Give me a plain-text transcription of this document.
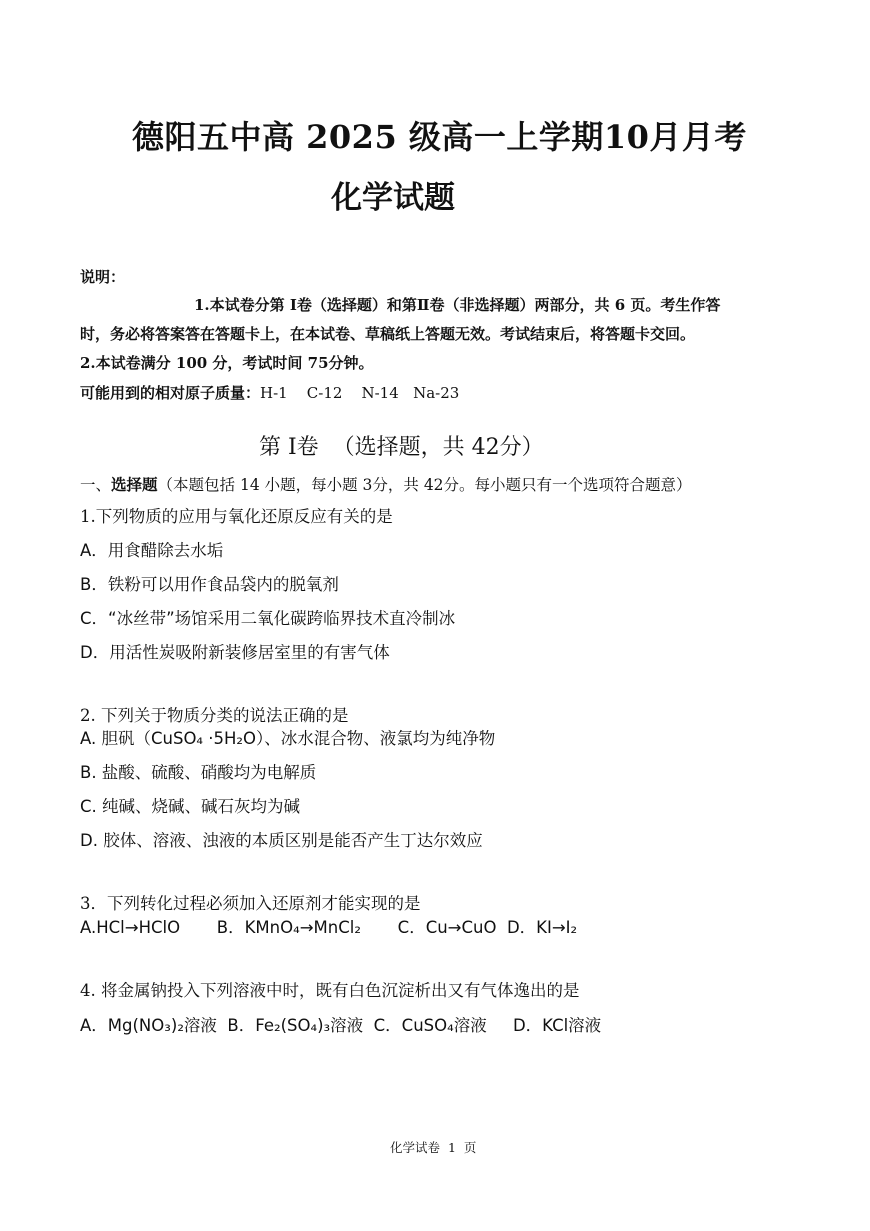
德阳五中高 2025 级高一上学期10月月考
化学试题
说明：
1.本试卷分第 Ⅰ卷（选择题）和第Ⅱ卷（非选择题）两部分，共 6 页。考生作答
时，务必将答案答在答题卡上，在本试卷、草稿纸上答题无效。考试结束后，将答题卡交回。
2.本试卷满分 100 分，考试时间 75分钟。
可能用到的相对原子质量：H-1    C-12    N-14   Na-23
第 Ⅰ卷  （选择题，共 42分）
一、选择题（本题包括 14 小题，每小题 3分，共 42分。每小题只有一个选项符合题意）
1.下列物质的应用与氧化还原反应有关的是
A．用食醋除去水垢
B．铁粉可以用作食品袋内的脱氧剂
C．“冰丝带”场馆采用二氧化碳跨临界技术直冷制冰
D．用活性炭吸附新装修居室里的有害气体
2. 下列关于物质分类的说法正确的是
A. 胆矾（CuSO₄ ·5H₂O）、冰水混合物、液氯均为纯净物
B. 盐酸、硫酸、硝酸均为电解质
C. 纯碱、烧碱、碱石灰均为碱
D. 胶体、溶液、浊液的本质区别是能否产生丁达尔效应
3．下列转化过程必须加入还原剂才能实现的是
A.HCl→HClO       B．KMnO₄→MnCl₂       C．Cu→CuO  D．KI→I₂
4. 将金属钠投入下列溶液中时，既有白色沉淀析出又有气体逸出的是
A．Mg(NO₃)₂溶液  B．Fe₂(SO₄)₃溶液  C．CuSO₄溶液     D．KCl溶液
化学试卷  1  页
